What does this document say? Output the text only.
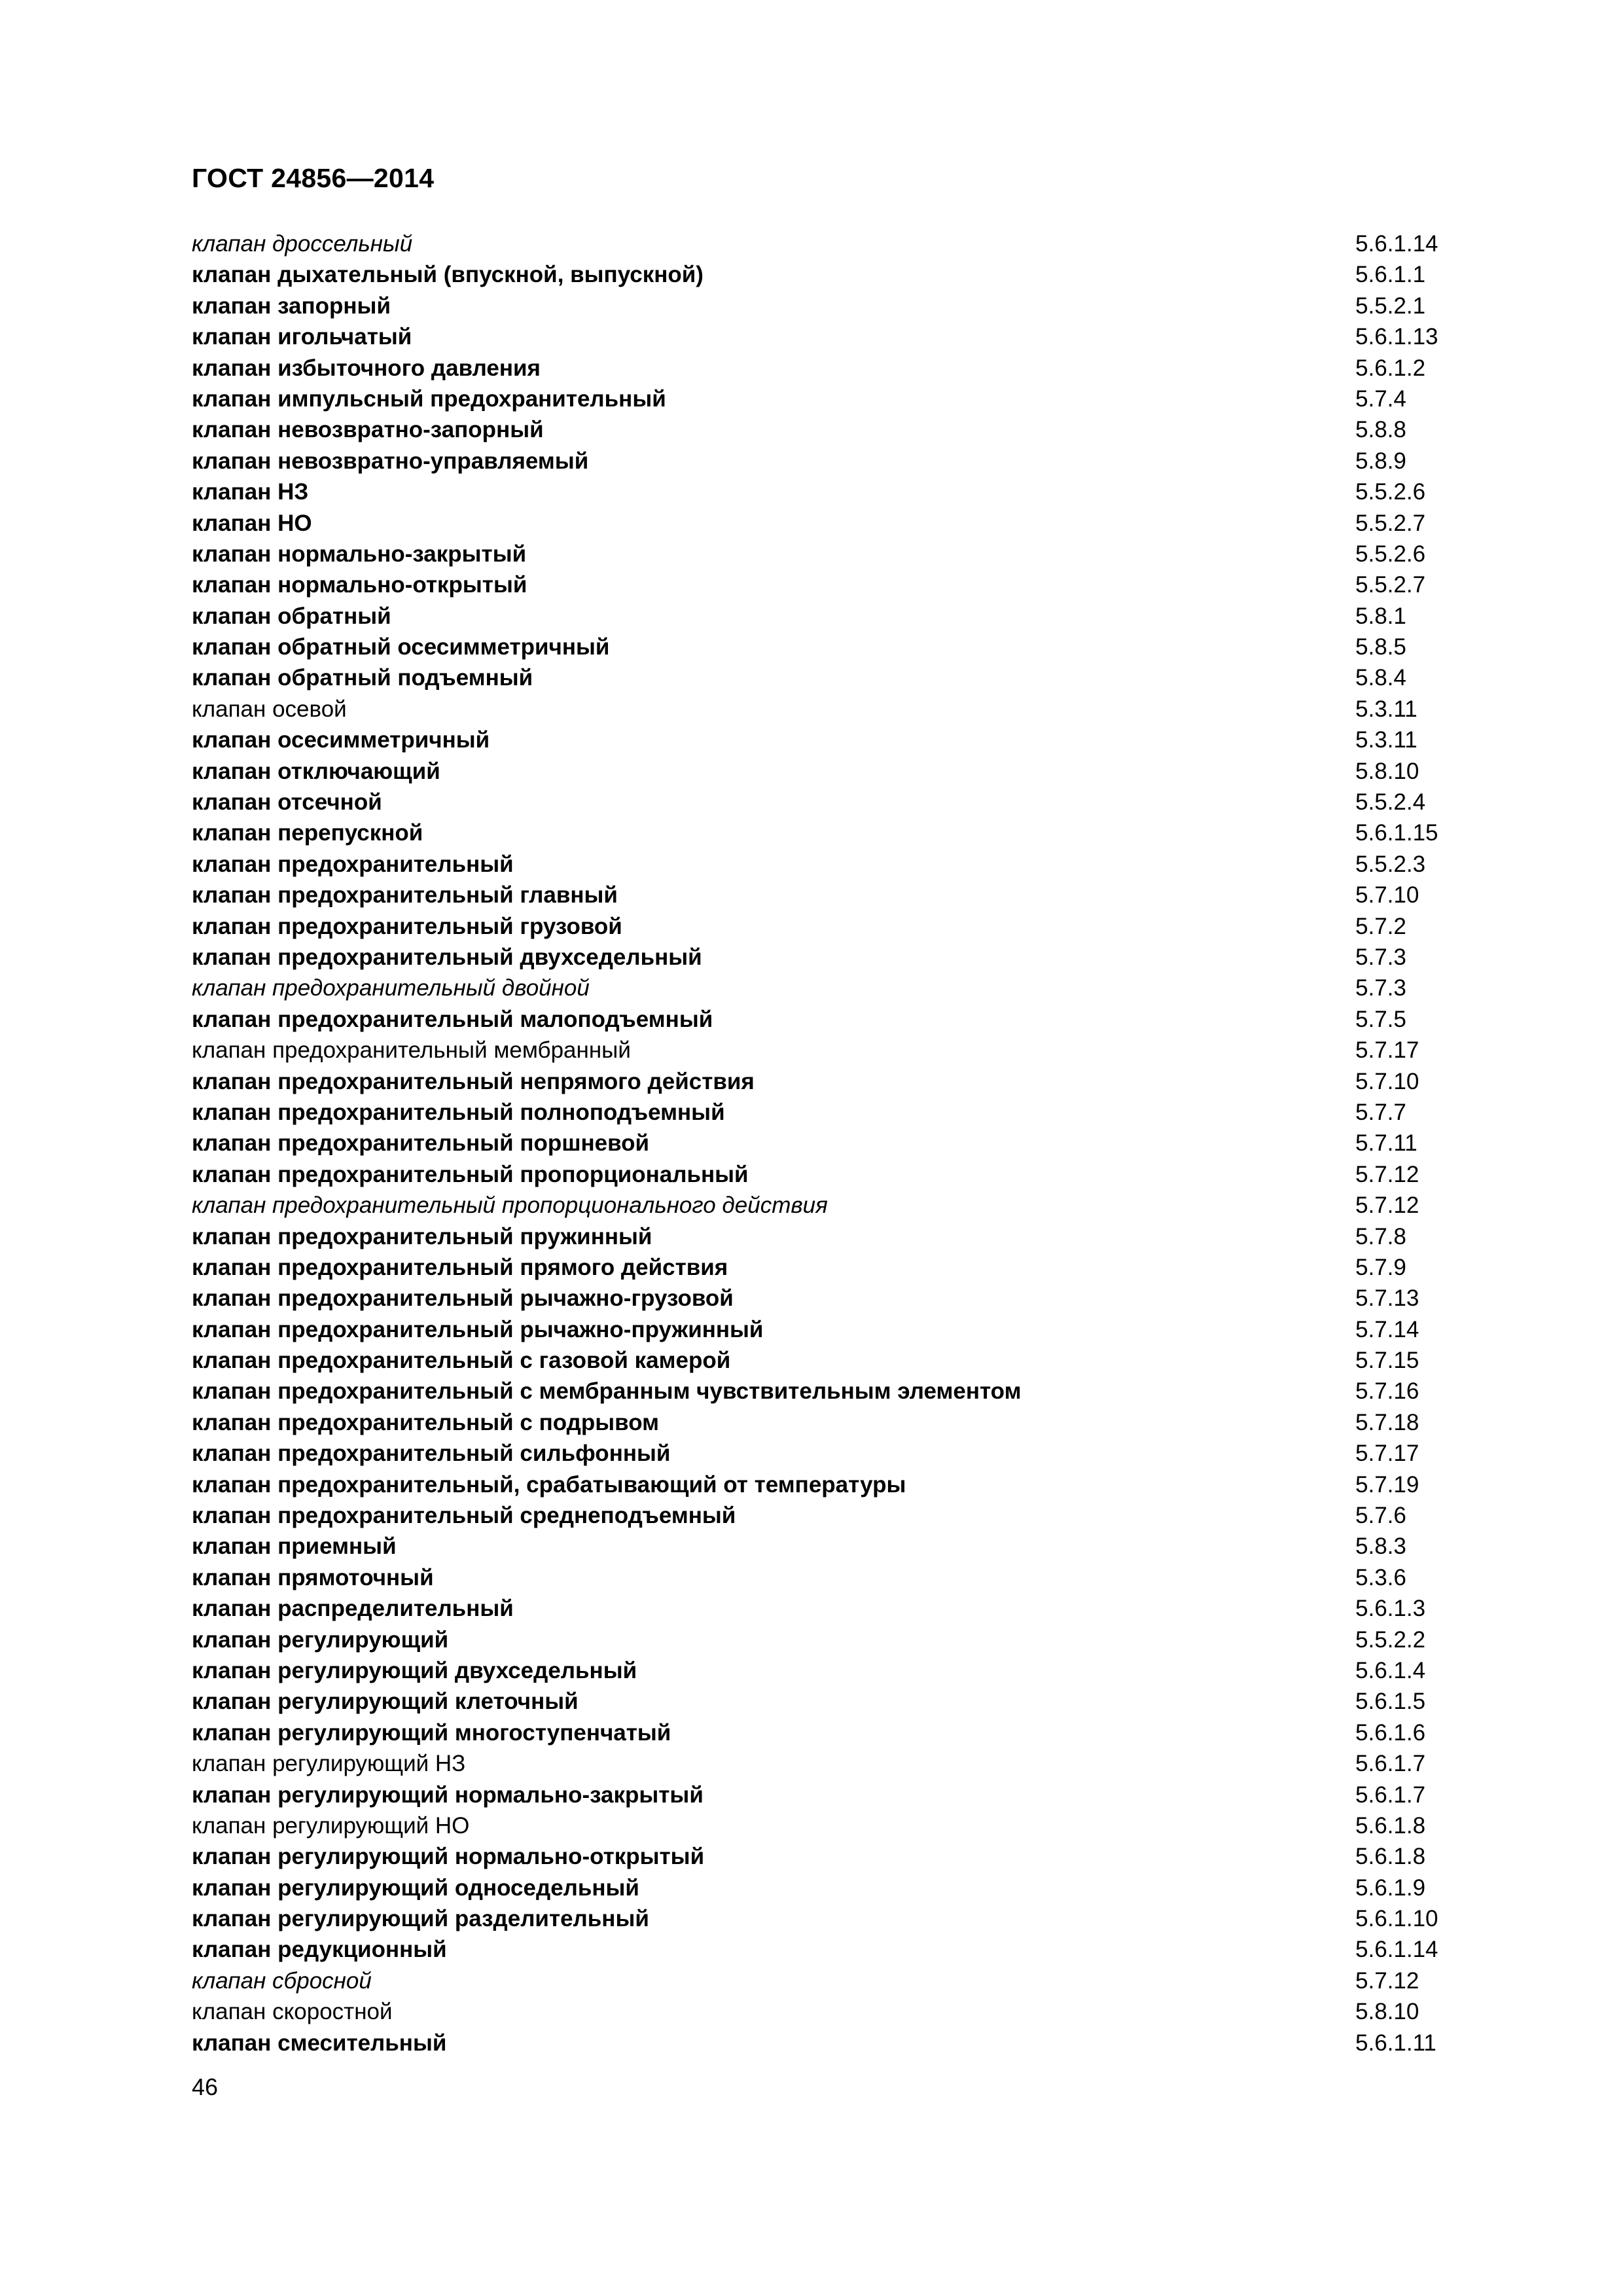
ГОСТ 24856—2014
клапан дроссельный	5.6.1.14
клапан дыхательный (впускной, выпускной)	5.6.1.1
клапан запорный	5.5.2.1
клапан игольчатый	5.6.1.13
клапан избыточного давления	5.6.1.2
клапан импульсный предохранительный	5.7.4
клапан невозвратно-запорный	5.8.8
клапан невозвратно-управляемый	5.8.9
клапан НЗ	5.5.2.6
клапан НО	5.5.2.7
клапан нормально-закрытый	5.5.2.6
клапан нормально-открытый	5.5.2.7
клапан обратный	5.8.1
клапан обратный осесимметричный	5.8.5
клапан обратный подъемный	5.8.4
клапан осевой	5.3.11
клапан осесимметричный	5.3.11
клапан отключающий	5.8.10
клапан отсечной	5.5.2.4
клапан перепускной	5.6.1.15
клапан предохранительный	5.5.2.3
клапан предохранительный главный	5.7.10
клапан предохранительный грузовой	5.7.2
клапан предохранительный двухседельный	5.7.3
клапан предохранительный двойной	5.7.3
клапан предохранительный малоподъемный	5.7.5
клапан предохранительный мембранный	5.7.17
клапан предохранительный непрямого действия	5.7.10
клапан предохранительный полноподъемный	5.7.7
клапан предохранительный поршневой	5.7.11
клапан предохранительный пропорциональный	5.7.12
клапан предохранительный пропорционального действия	5.7.12
клапан предохранительный пружинный	5.7.8
клапан предохранительный прямого действия	5.7.9
клапан предохранительный рычажно-грузовой	5.7.13
клапан предохранительный рычажно-пружинный	5.7.14
клапан предохранительный с газовой камерой	5.7.15
клапан предохранительный с мембранным чувствительным элементом	5.7.16
клапан предохранительный с подрывом	5.7.18
клапан предохранительный сильфонный	5.7.17
клапан предохранительный, срабатывающий от температуры	5.7.19
клапан предохранительный среднеподъемный	5.7.6
клапан приемный	5.8.3
клапан прямоточный	5.3.6
клапан распределительный	5.6.1.3
клапан регулирующий	5.5.2.2
клапан регулирующий двухседельный	5.6.1.4
клапан регулирующий клеточный	5.6.1.5
клапан регулирующий многоступенчатый	5.6.1.6
клапан регулирующий НЗ	5.6.1.7
клапан регулирующий нормально-закрытый	5.6.1.7
клапан регулирующий НО	5.6.1.8
клапан регулирующий нормально-открытый	5.6.1.8
клапан регулирующий односедельный	5.6.1.9
клапан регулирующий разделительный	5.6.1.10
клапан редукционный	5.6.1.14
клапан сбросной	5.7.12
клапан скоростной	5.8.10
клапан смесительный	5.6.1.11
46
